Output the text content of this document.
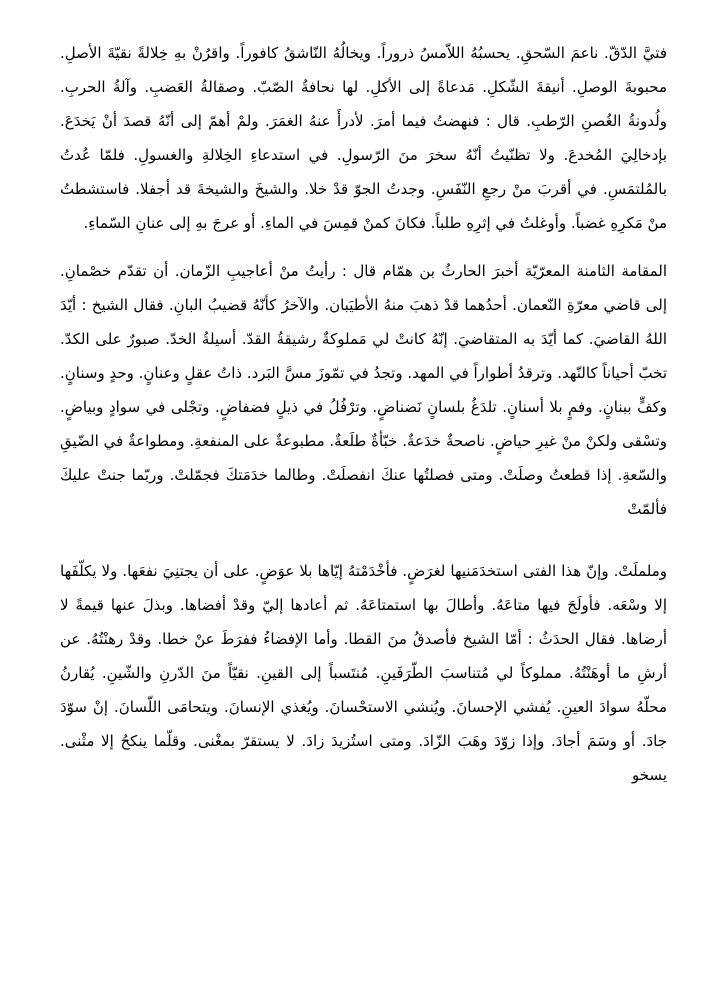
فتيَّ الدّقّ. ناعمَ السّحقِ. يحسبُهُ اللاّمسُ ذروراً. ويخالُهُ النّاشقُ كافوراً. واقرُنْ بهِ خِلالةً نقيّةَ الأصلِ. محبوبةَ الوصلِ. أنيقةَ الشّكلِ. مَدعاةً إلى الأكلِ. لها نحافةُ الصّبّ. وصقالةُ العَضبِ. وآلةُ الحربِ. ولُدونةُ الغُصنِ الرّطبِ. قال : فنهضتُ فيما أمرَ. لأدرأَ عنهُ الغمَرَ. ولمْ أهمّ إلى أنّهُ قصدَ أنْ يَخدَعَ. بإدخالِيَ المُخدعَ. ولا تظنّيتُ أنّهُ سخرَ منَ الرّسولِ. في استدعاءِ الخِلالةِ والغسولِ. فلمّا عُدتُ بالمُلتمَسِ. في أقربَ منْ رجعِ النّفَسِ. وجدتُ الجوّ قدْ خلا. والشيخَ والشيخةَ قد أجفلا. فاستشطتُ منْ مَكرِهِ غضباً. وأوغلتُ في إثرِهِ طلباً. فكانَ كمنْ قمِسَ في الماءِ. أو عرجَ بهِ إلى عنانِ السّماءِ.

المقامة الثامنة المعرّيّة أخبرَ الحارثُ بن همّام قال : رأيتُ منْ أعاجيبِ الزّمان. أن تقدّم خصْمانِ. إلى قاضي معرّةِ النّعمان. أحدُهما قدْ ذهبَ منهُ الأطيَبان. والآخرُ كأنّهُ قضيبُ البانِ. فقال الشيخ : أيّدَ اللهُ القاضيَ. كما أيّدَ به المتقاضيَ. إنّهُ كانتْ لي مَملوكةٌ رشيقةُ القدّ. أسيلةُ الخدّ. صبورٌ على الكدّ. تخبّ أحياناً كالنّهد. وترقدُ أطواراً في المهد. وتجدُ في تمّوزَ مسَّ البَرد. ذاتُ عقلٍ وعنانٍ. وحدٍ وسنانٍ. وكفٍّ ببنانٍ. وفمٍ بلا أسنانٍ. تلدَغُ بلسانٍ نَضناضٍ. وترْفُلُ في ذيلٍ فضفاضٍ. وتجْلى في سوادٍ وبياضٍ. وتسْقى ولكنْ منْ غيرِ حياضٍ. ناصحةٌ خدَعةٌ. خبّأةٌ طلَعةٌ. مطبوعةٌ على المنفعةِ. ومطواعةٌ في الضّيقِ والسّعةِ. إذا قطعتُ وصلَتْ. ومتى فصلتُها عنكَ انفصلَتْ. وطالما خدَمَتكَ فجمّلتْ. وربّما جنتْ عليكَ فألمّتْ

وململَتْ. وإنّ هذا الفتى استخدَمَنيها لغرَضٍ. فأخْدَمْتهُ إيّاها بلا عوَضٍ. على أن يجتنِيَ نفعَها. ولا يكلّفَها إلا وسْعَه. فأولَجَ فيها متاعَهُ. وأطالَ بها استمتاعَهُ. ثم أعادها إليّ وقدْ أفضاها. وبذلَ عنها قيمةً لا أرضاها. فقال الحدَثُ : أمّا الشيخ فأصدقُ منَ القطا. وأما الإفضاءُ ففرَطَ عنْ خطا. وقدْ رهنْتُهُ. عن أرشِ ما أوهَنْتُهُ. مملوكاً لي مُتناسبَ الطّرَفَينِ. مُنتَسباً إلى القينِ. نقيّاً منَ الدّرنِ والشّينِ. يُقارنُ محلّهُ سوادَ العينِ. يُفشي الإحسانَ. ويُنشي الاستحْسانَ. ويُغذي الإنسانَ. ويتحامَى اللّسانَ. إنْ سوّدَ جادَ. أو وسَمَ أجادَ. وإذا زوّدَ وهَبَ الزّادَ. ومتى استُزيدَ زادَ. لا يستقرّ بمغْنى. وقلّما ينكحُ إلا مثْنى. يسخو
